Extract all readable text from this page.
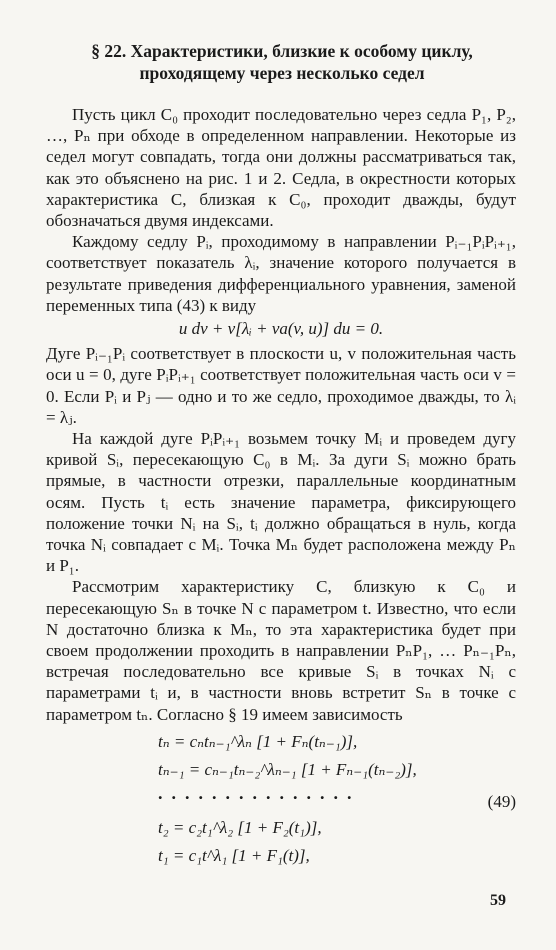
§ 22. Характеристики, близкие к особому циклу,
проходящему через несколько седел

Пусть цикл C₀ проходит последовательно через седла P₁, P₂, …, Pₙ при обходе в определенном направлении. Некоторые из седел могут совпадать, тогда они должны рассматриваться так, как это объяснено на рис. 1 и 2. Седла, в окрестности которых характеристика C, близкая к C₀, проходит дважды, будут обозначаться двумя индексами.

Каждому седлу Pᵢ, проходимому в направлении Pᵢ₋₁PᵢPᵢ₊₁, соответствует показатель λᵢ, значение которого получается в результате приведения дифференциального уравнения, заменой переменных типа (43) к виду

u dv + v[λᵢ + va(v, u)] du = 0.

Дуге Pᵢ₋₁Pᵢ соответствует в плоскости u, v положительная часть оси u = 0, дуге PᵢPᵢ₊₁ соответствует положительная часть оси v = 0. Если Pᵢ и Pⱼ — одно и то же седло, проходимое дважды, то λᵢ = λⱼ.

На каждой дуге PᵢPᵢ₊₁ возьмем точку Mᵢ и проведем дугу кривой Sᵢ, пересекающую C₀ в Mᵢ. За дуги Sᵢ можно брать прямые, в частности отрезки, параллельные координатным осям. Пусть tᵢ есть значение параметра, фиксирующего положение точки Nᵢ на Sᵢ, tᵢ должно обращаться в нуль, когда точка Nᵢ совпадает с Mᵢ. Точка Mₙ будет расположена между Pₙ и P₁.

Рассмотрим характеристику C, близкую к C₀ и пересекающую Sₙ в точке N с параметром t. Известно, что если N достаточно близка к Mₙ, то эта характеристика будет при своем продолжении проходить в направлении PₙP₁, … Pₙ₋₁Pₙ, встречая последовательно все кривые Sᵢ в точках Nᵢ с параметрами tᵢ и, в частности вновь встретит Sₙ в точке с параметром tₙ. Согласно § 19 имеем зависимость

tₙ = cₙtₙ₋₁^λₙ [1 + Fₙ(tₙ₋₁)],
tₙ₋₁ = cₙ₋₁tₙ₋₂^λₙ₋₁ [1 + Fₙ₋₁(tₙ₋₂)],
...............	(49)
t₂ = c₂t₁^λ₂ [1 + F₂(t₁)],
t₁ = c₁t^λ₁ [1 + F₁(t)],
59
